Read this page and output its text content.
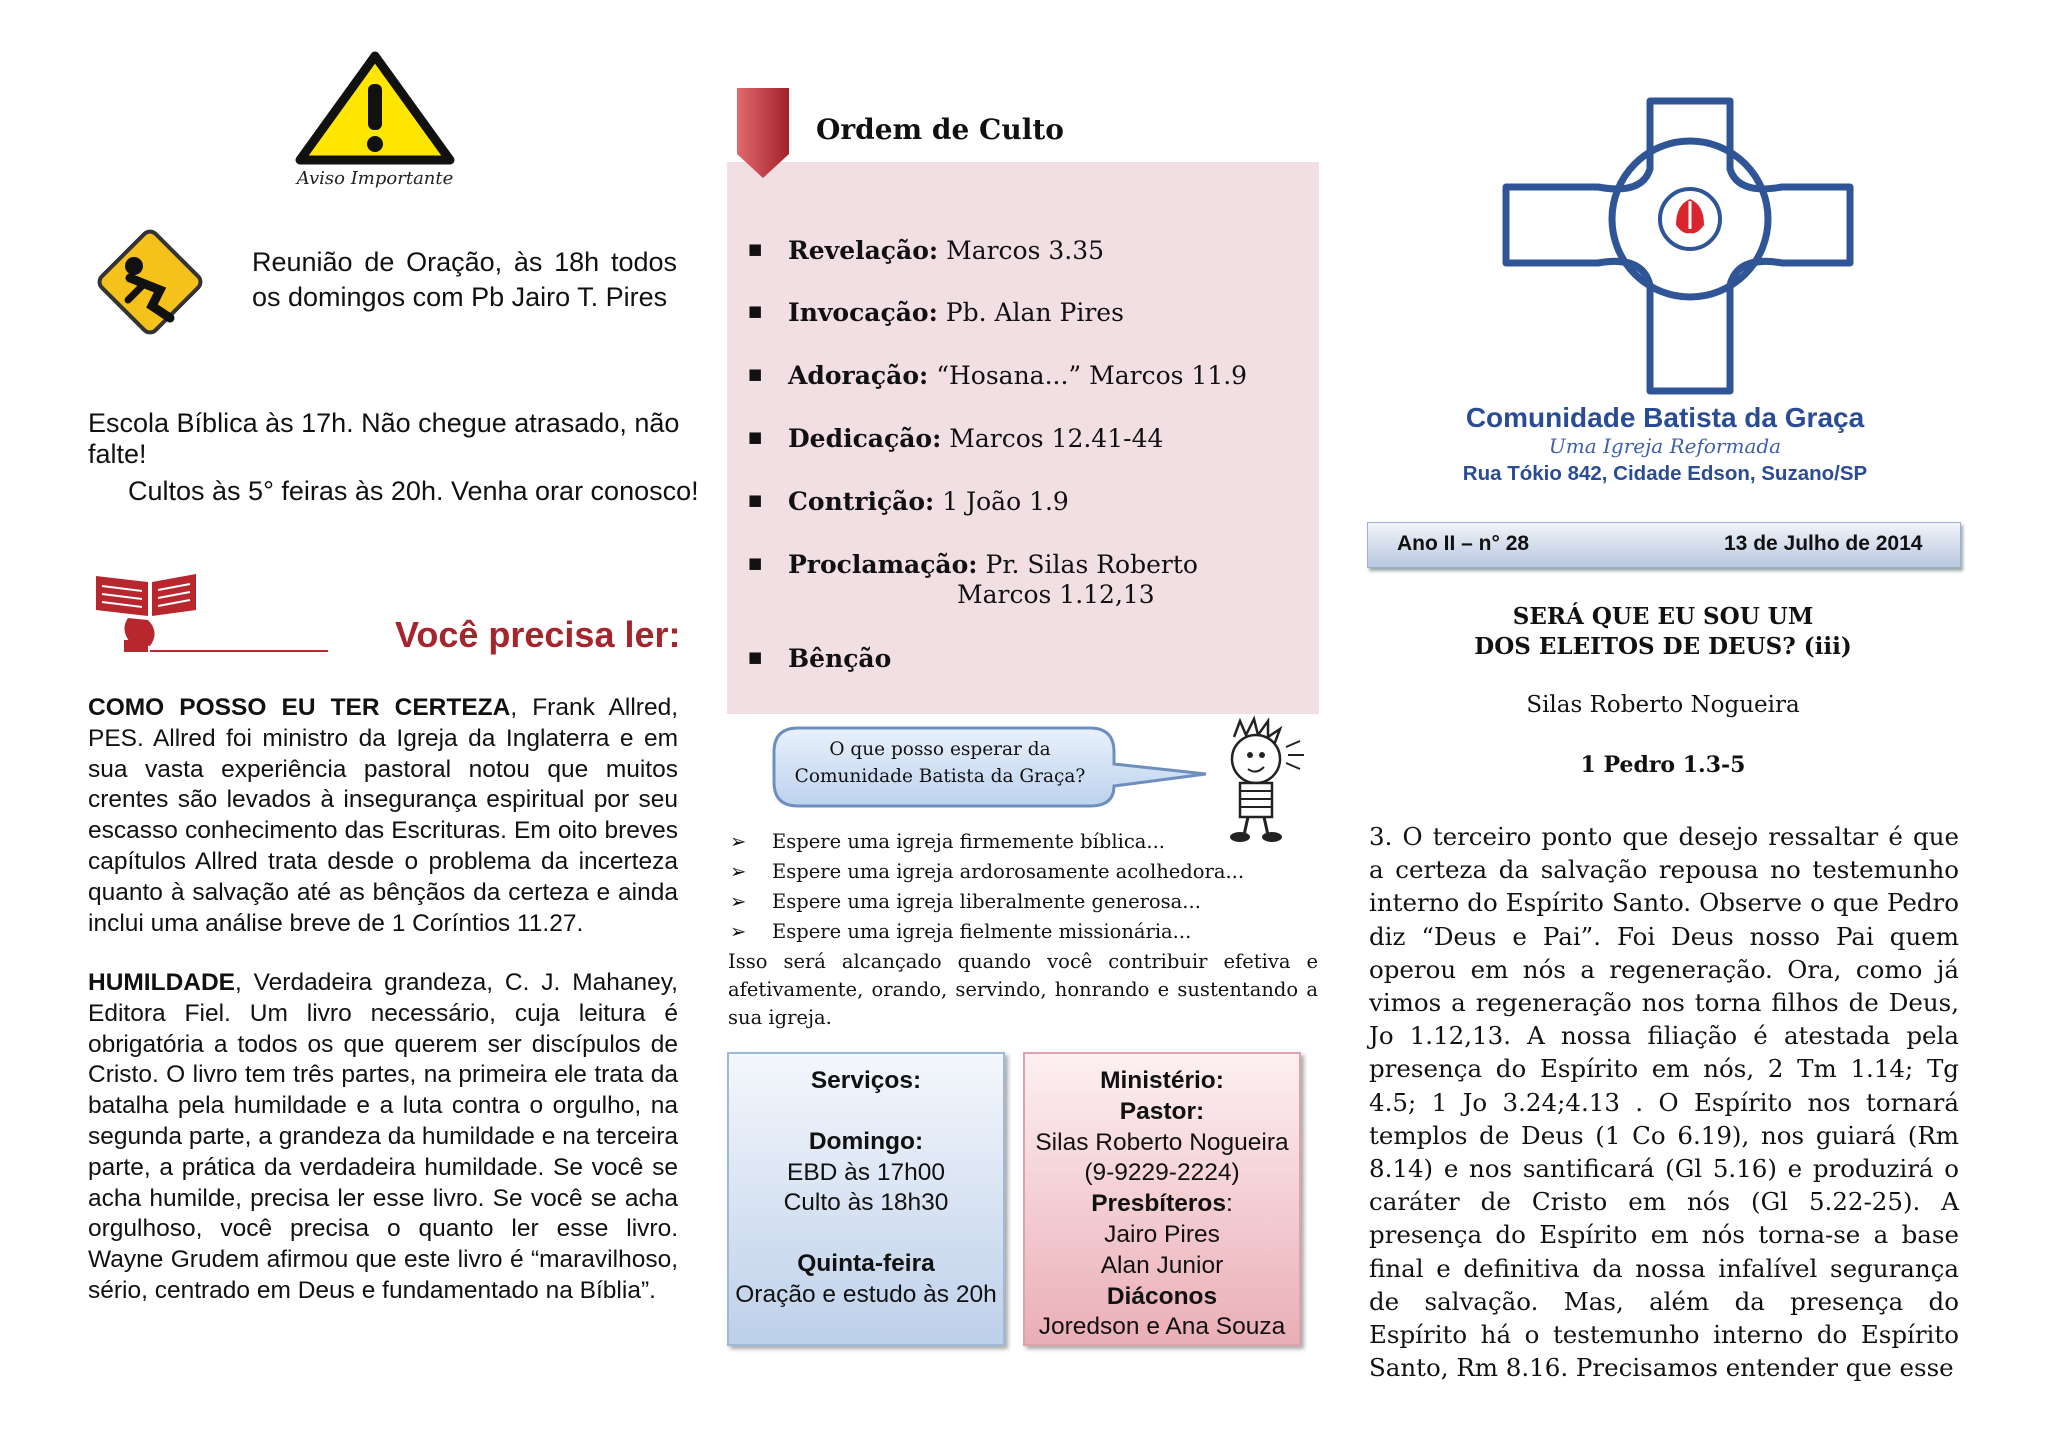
Aviso Importante
Reunião de Oração, às 18h todos os domingos com Pb Jairo T. Pires
Escola Bíblica às 17h. Não chegue atrasado, não falte!
Cultos às 5° feiras às 20h. Venha orar conosco!
Você precisa ler:
COMO POSSO EU TER CERTEZA, Frank Allred, PES. Allred foi ministro da Igreja da Inglaterra e em sua vasta experiência pastoral notou que muitos crentes são levados à insegurança espiritual por seu escasso conhecimento das Escrituras. Em oito breves capítulos Allred trata desde o problema da incerteza quanto à salvação até as bênçãos da certeza e ainda inclui uma análise breve de 1 Coríntios 11.27.
HUMILDADE, Verdadeira grandeza, C. J. Mahaney, Editora Fiel. Um livro necessário, cuja leitura é obrigatória a todos os que querem ser discípulos de Cristo. O livro tem três partes, na primeira ele trata da batalha pela humildade e a luta contra o orgulho, na segunda parte, a grandeza da humildade e na terceira parte, a prática da verdadeira humildade. Se você se acha humilde, precisa ler esse livro. Se você se acha orgulhoso, você precisa o quanto ler esse livro. Wayne Grudem afirmou que este livro é “maravilhoso, sério, centrado em Deus e fundamentado na Bíblia”.
Ordem de Culto
■ Revelação: Marcos 3.35
■ Invocação: Pb. Alan Pires
■ Adoração: “Hosana...” Marcos 11.9
■ Dedicação: Marcos 12.41-44
■ Contrição: 1 João 1.9
■ Proclamação: Pr. Silas Roberto
Marcos 1.12,13
■ Bênção
O que posso esperar da Comunidade Batista da Graça?
➢ Espere uma igreja firmemente bíblica...
➢ Espere uma igreja ardorosamente acolhedora...
➢ Espere uma igreja liberalmente generosa...
➢ Espere uma igreja fielmente missionária...
Isso será alcançado quando você contribuir efetiva e afetivamente, orando, servindo, honrando e sustentando a sua igreja.
Serviços:
Domingo:
EBD às 17h00
Culto às 18h30
Quinta-feira
Oração e estudo às 20h
Ministério:
Pastor:
Silas Roberto Nogueira
(9-9229-2224)
Presbíteros:
Jairo Pires
Alan Junior
Diáconos
Joredson e Ana Souza
Comunidade Batista da Graça
Uma Igreja Reformada
Rua Tókio 842, Cidade Edson, Suzano/SP
Ano II – n° 28	13 de Julho de 2014
SERÁ QUE EU SOU UM
DOS ELEITOS DE DEUS? (iii)
Silas Roberto Nogueira
1 Pedro 1.3-5
3. O terceiro ponto que desejo ressaltar é que a certeza da salvação repousa no testemunho interno do Espírito Santo. Observe o que Pedro diz “Deus e Pai”. Foi Deus nosso Pai quem operou em nós a regeneração. Ora, como já vimos a regeneração nos torna filhos de Deus, Jo 1.12,13. A nossa filiação é atestada pela presença do Espírito em nós, 2 Tm 1.14; Tg 4.5; 1 Jo 3.24;4.13 . O Espírito nos tornará templos de Deus (1 Co 6.19), nos guiará (Rm 8.14) e nos santificará (Gl 5.16) e produzirá o caráter de Cristo em nós (Gl 5.22-25). A presença do Espírito em nós torna-se a base final e definitiva da nossa infalível segurança de salvação. Mas, além da presença do Espírito há o testemunho interno do Espírito Santo, Rm 8.16. Precisamos entender que esse
